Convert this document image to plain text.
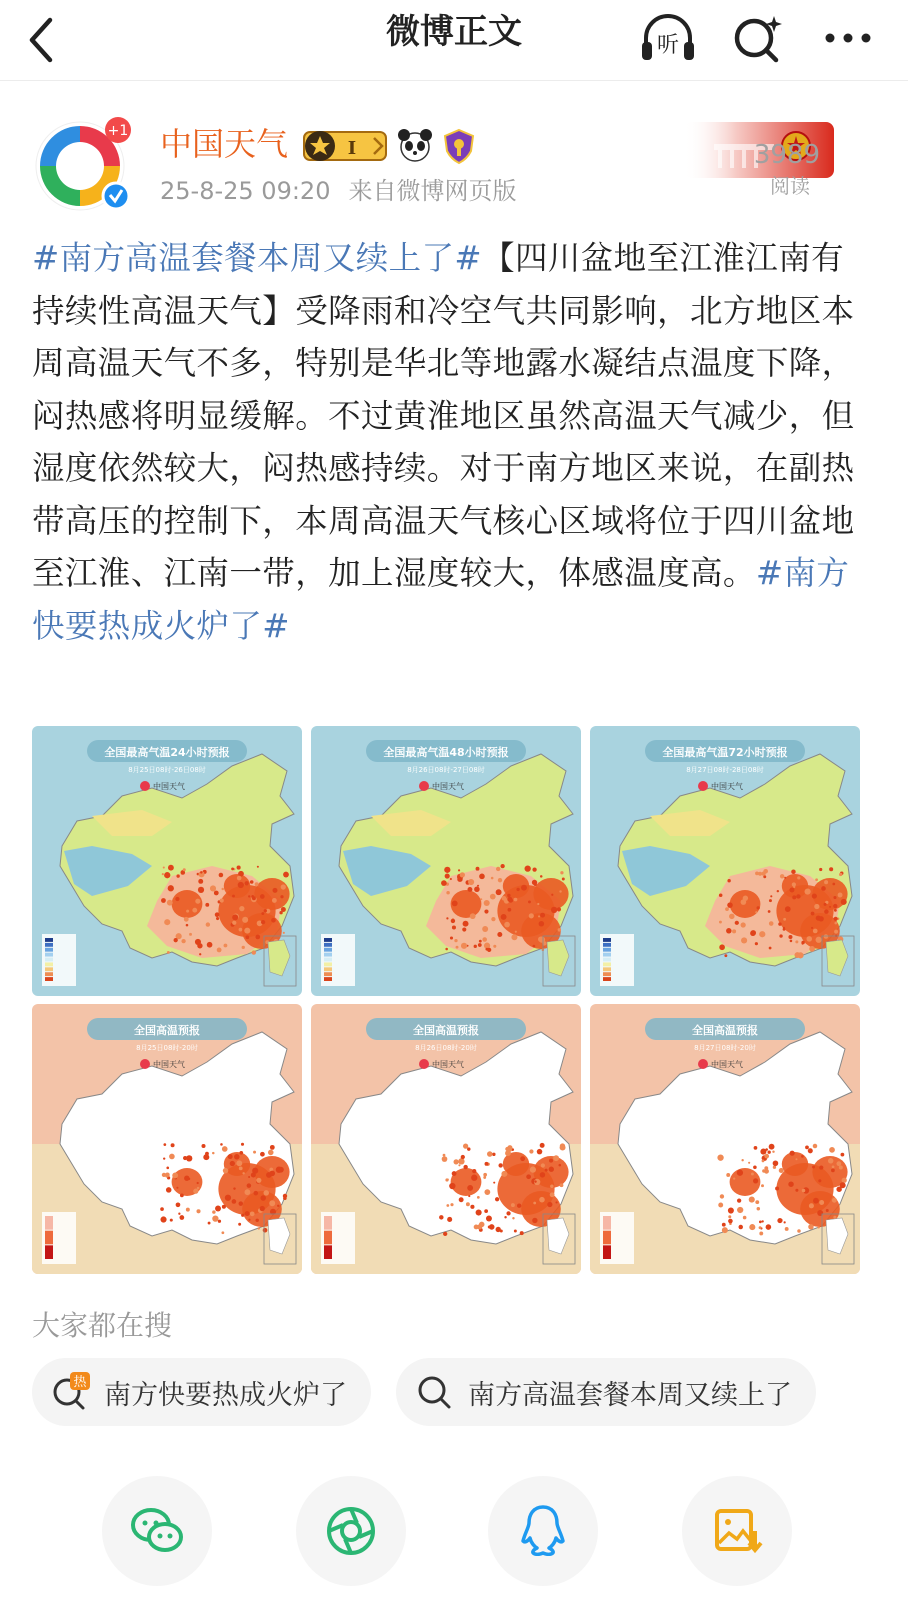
微博正文	听
+1 中国天气	I
25-8-25 09:20 来自微博网页版
3989
阅读
#南方高温套餐本周又续上了#【四川盆地至江淮江南有持续性高温天气】受降雨和冷空气共同影响，北方地区本周高温天气不多，特别是华北等地露水凝结点温度下降，闷热感将明显缓解。不过黄淮地区虽然高温天气减少，但湿度依然较大，闷热感持续。对于南方地区来说，在副热带高压的控制下，本周高温天气核心区域将位于四川盆地至江淮、江南一带，加上湿度较大，体感温度高。#南方快要热成火炉了#
全国最高气温24小时预报
8月25日08时-26日08时
中国天气
全国最高气温48小时预报
8月26日08时-27日08时
中国天气
全国最高气温72小时预报
8月27日08时-28日08时
中国天气
全国高温预报
8月25日08时-20时
中国天气
全国高温预报
8月26日08时-20时
中国天气
全国高温预报
8月27日08时-20时
中国天气
大家都在搜
热 南方快要热成火炉了	南方高温套餐本周又续上了
